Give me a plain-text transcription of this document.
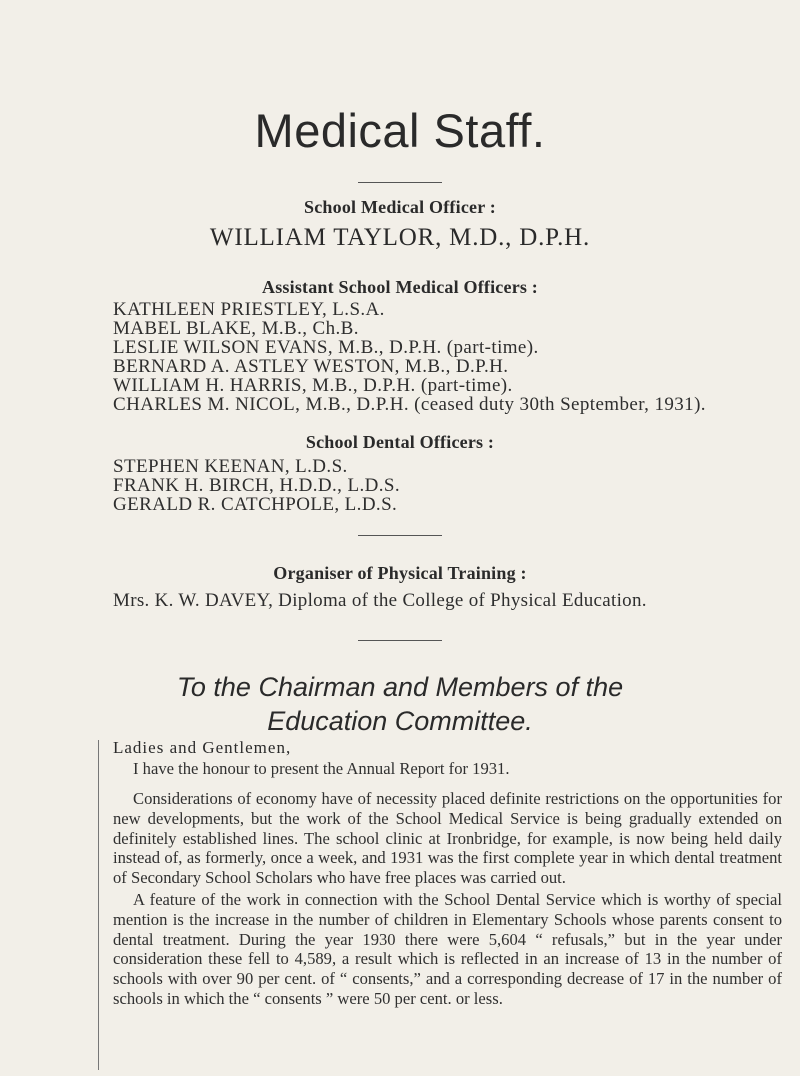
Medical Staff.
School Medical Officer :
WILLIAM TAYLOR, M.D., D.P.H.
Assistant School Medical Officers :
KATHLEEN PRIESTLEY, L.S.A.
MABEL BLAKE, M.B., Ch.B.
LESLIE WILSON EVANS, M.B., D.P.H. (part-time).
BERNARD A. ASTLEY WESTON, M.B., D.P.H.
WILLIAM H. HARRIS, M.B., D.P.H. (part-time).
CHARLES M. NICOL, M.B., D.P.H. (ceased duty 30th September, 1931).
School Dental Officers :
STEPHEN KEENAN, L.D.S.
FRANK H. BIRCH, H.D.D., L.D.S.
GERALD R. CATCHPOLE, L.D.S.
Organiser of Physical Training :
Mrs. K. W. DAVEY, Diploma of the College of Physical Education.
To the Chairman and Members of the
Education Committee.
Ladies and Gentlemen,

I have the honour to present the Annual Report for 1931.

Considerations of economy have of necessity placed definite restrictions on the opportunities for new developments, but the work of the School Medical Service is being gradually extended on definitely established lines. The school clinic at Ironbridge, for example, is now being held daily instead of, as formerly, once a week, and 1931 was the first complete year in which dental treatment of Secondary School Scholars who have free places was carried out.

A feature of the work in connection with the School Dental Service which is worthy of special mention is the increase in the number of children in Elementary Schools whose parents consent to dental treatment. During the year 1930 there were 5,604 “ refusals,” but in the year under consideration these fell to 4,589, a result which is reflected in an increase of 13 in the number of schools with over 90 per cent. of “ consents,” and a corresponding decrease of 17 in the number of schools in which the “ consents ” were 50 per cent. or less.
